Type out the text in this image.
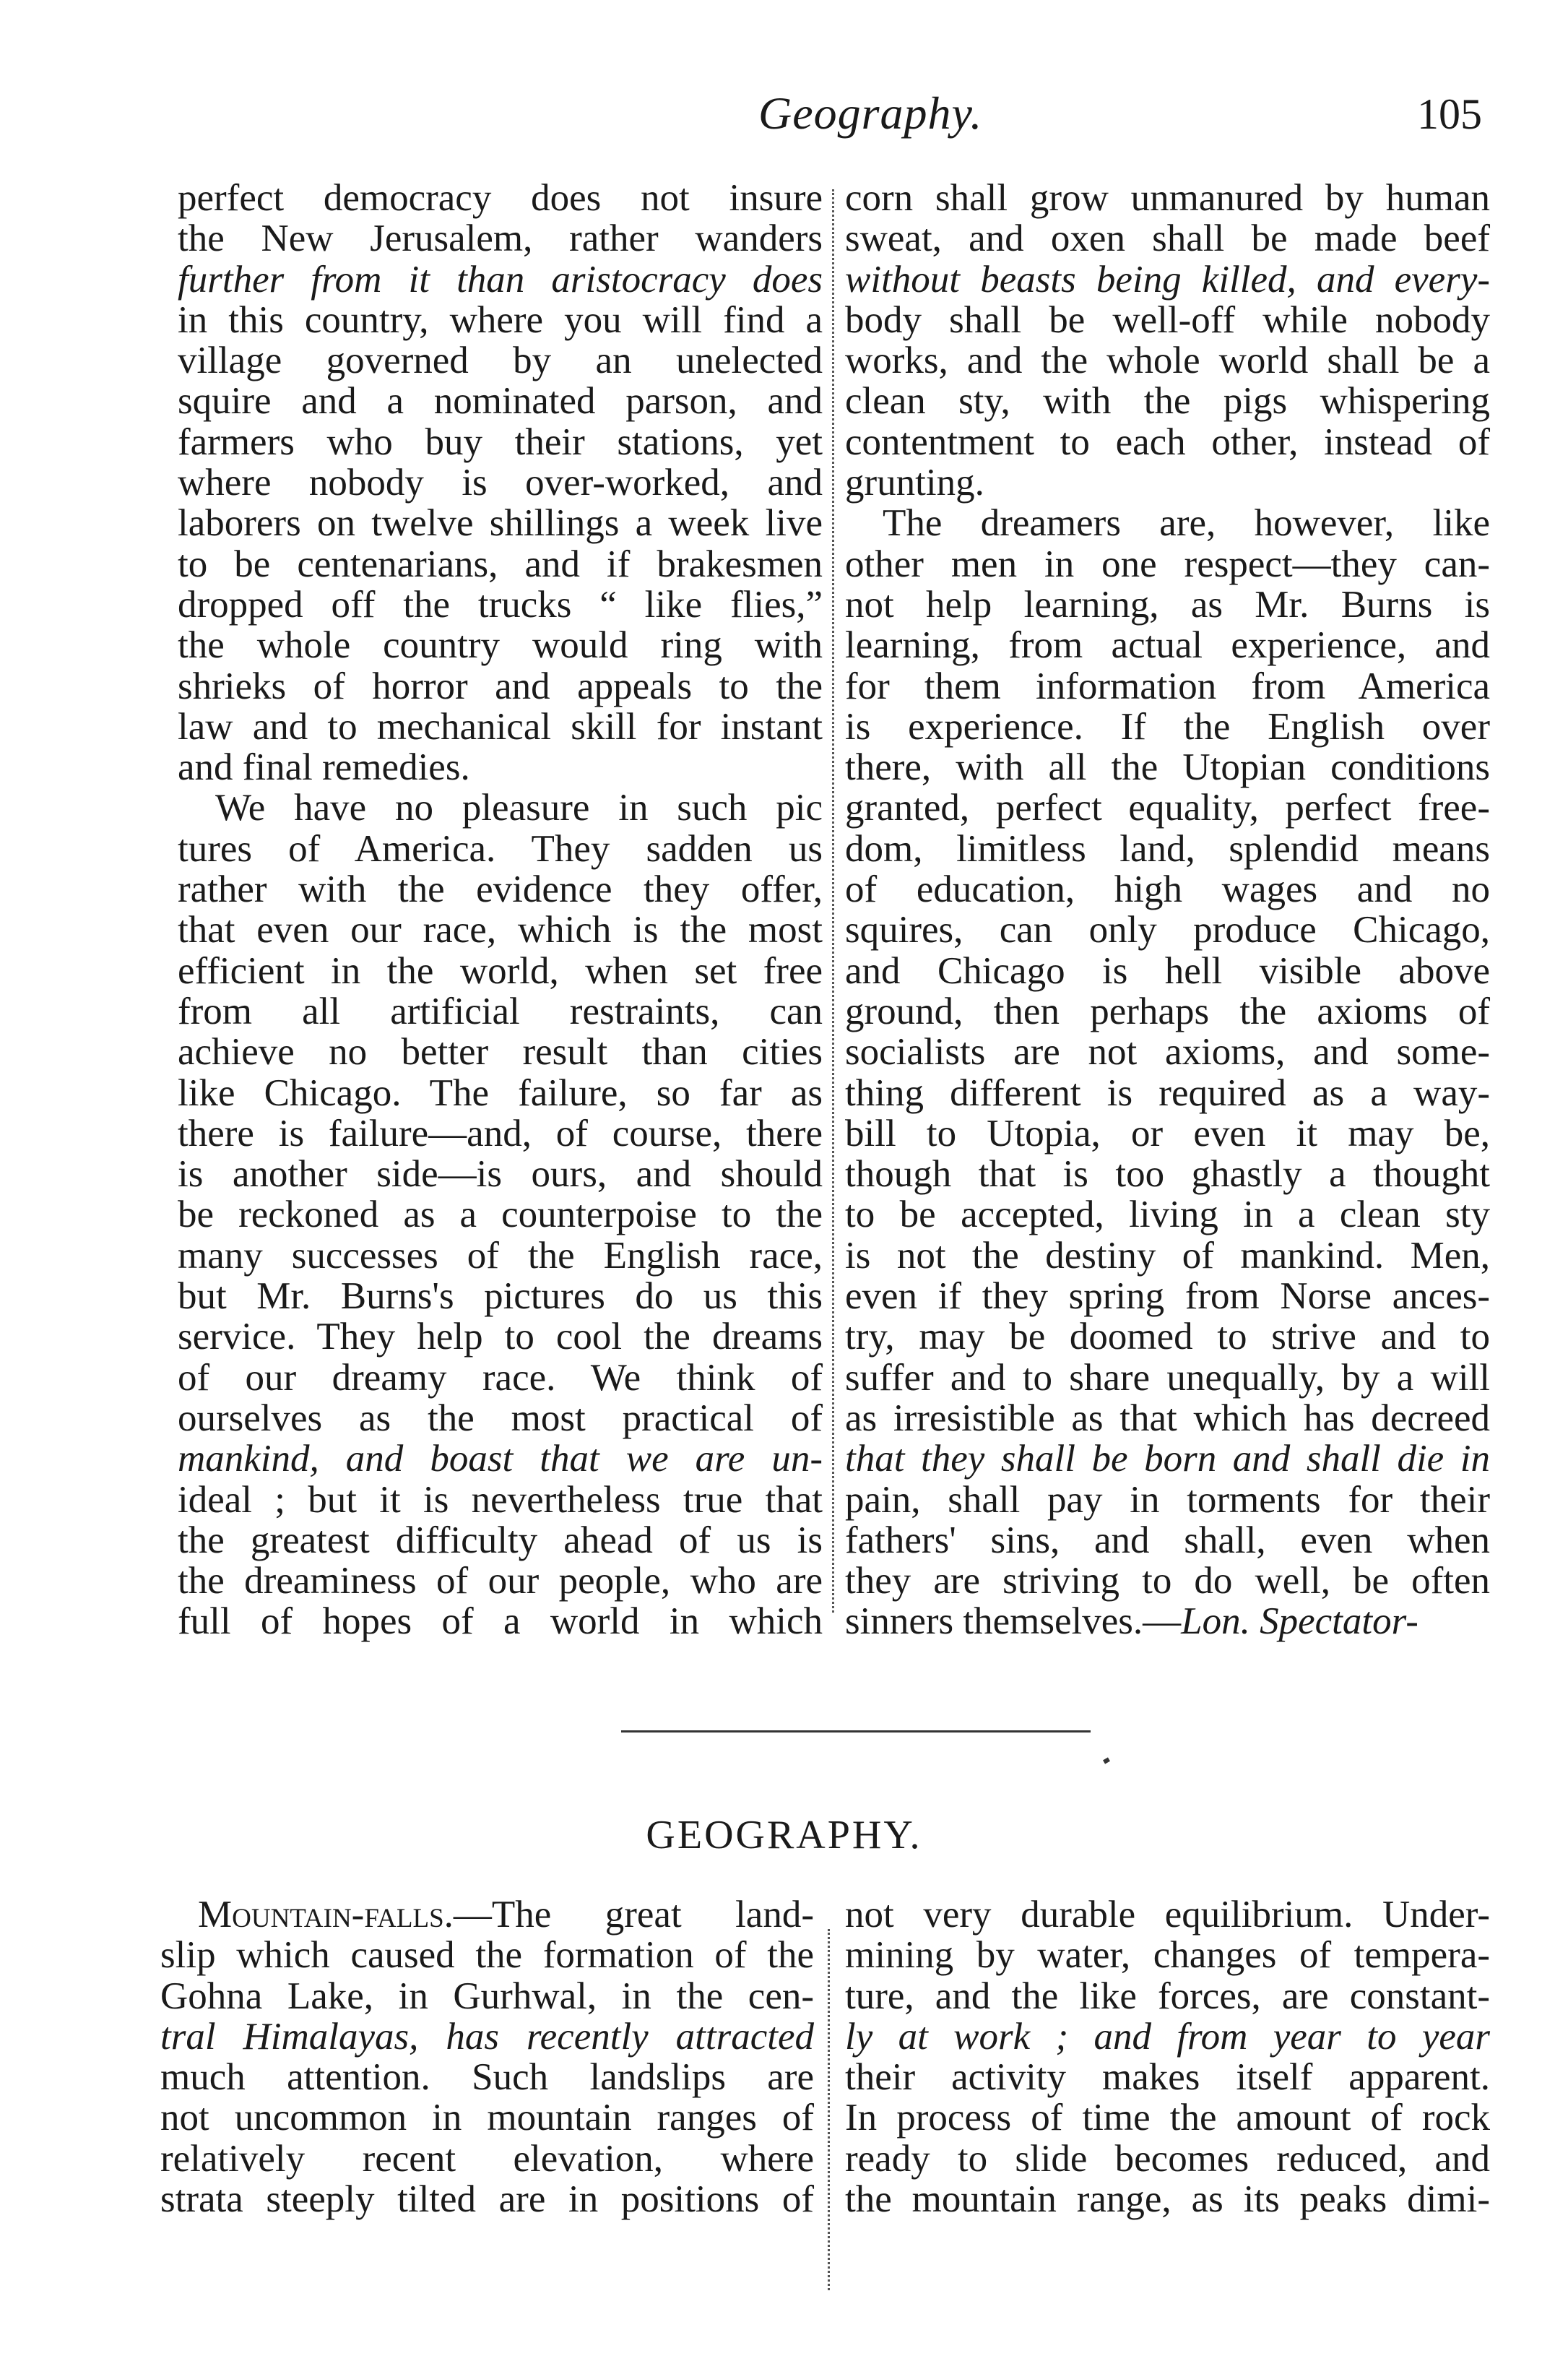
Geography.	105
perfect democracy does not insure
the New Jerusalem, rather wanders
further from it than aristocracy does
in this country, where you will find a
village governed by an unelected
squire and a nominated parson, and
farmers who buy their stations, yet
where nobody is over-worked, and
laborers on twelve shillings a week live
to be centenarians, and if brakesmen
dropped off the trucks “ like flies,”
the whole country would ring with
shrieks of horror and appeals to the
law and to mechanical skill for instant
and final remedies.
We have no pleasure in such pic
tures of America. They sadden us
rather with the evidence they offer,
that even our race, which is the most
efficient in the world, when set free
from all artificial restraints, can
achieve no better result than cities
like Chicago. The failure, so far as
there is failure—and, of course, there
is another side—is ours, and should
be reckoned as a counterpoise to the
many successes of the English race,
but Mr. Burns's pictures do us this
service. They help to cool the dreams
of our dreamy race. We think of
ourselves as the most practical of
mankind, and boast that we are un-
ideal ; but it is nevertheless true that
the greatest difficulty ahead of us is
the dreaminess of our people, who are
full of hopes of a world in which
corn shall grow unmanured by human
sweat, and oxen shall be made beef
without beasts being killed, and every-
body shall be well-off while nobody
works, and the whole world shall be a
clean sty, with the pigs whispering
contentment to each other, instead of
grunting.
The dreamers are, however, like
other men in one respect—they can-
not help learning, as Mr. Burns is
learning, from actual experience, and
for them information from America
is experience. If the English over
there, with all the Utopian conditions
granted, perfect equality, perfect free-
dom, limitless land, splendid means
of education, high wages and no
squires, can only produce Chicago,
and Chicago is hell visible above
ground, then perhaps the axioms of
socialists are not axioms, and some-
thing different is required as a way-
bill to Utopia, or even it may be,
though that is too ghastly a thought
to be accepted, living in a clean sty
is not the destiny of mankind. Men,
even if they spring from Norse ances-
try, may be doomed to strive and to
suffer and to share unequally, by a will
as irresistible as that which has decreed
that they shall be born and shall die in
pain, shall pay in torments for their
fathers' sins, and shall, even when
they are striving to do well, be often
sinners themselves.—Lon. Spectator-
GEOGRAPHY.
Mountain-falls.—The great land-
slip which caused the formation of the
Gohna Lake, in Gurhwal, in the cen-
tral Himalayas, has recently attracted
much attention. Such landslips are
not uncommon in mountain ranges of
relatively recent elevation, where
strata steeply tilted are in positions of
not very durable equilibrium. Under-
mining by water, changes of tempera-
ture, and the like forces, are constant-
ly at work ; and from year to year
their activity makes itself apparent.
In process of time the amount of rock
ready to slide becomes reduced, and
the mountain range, as its peaks dimi-
